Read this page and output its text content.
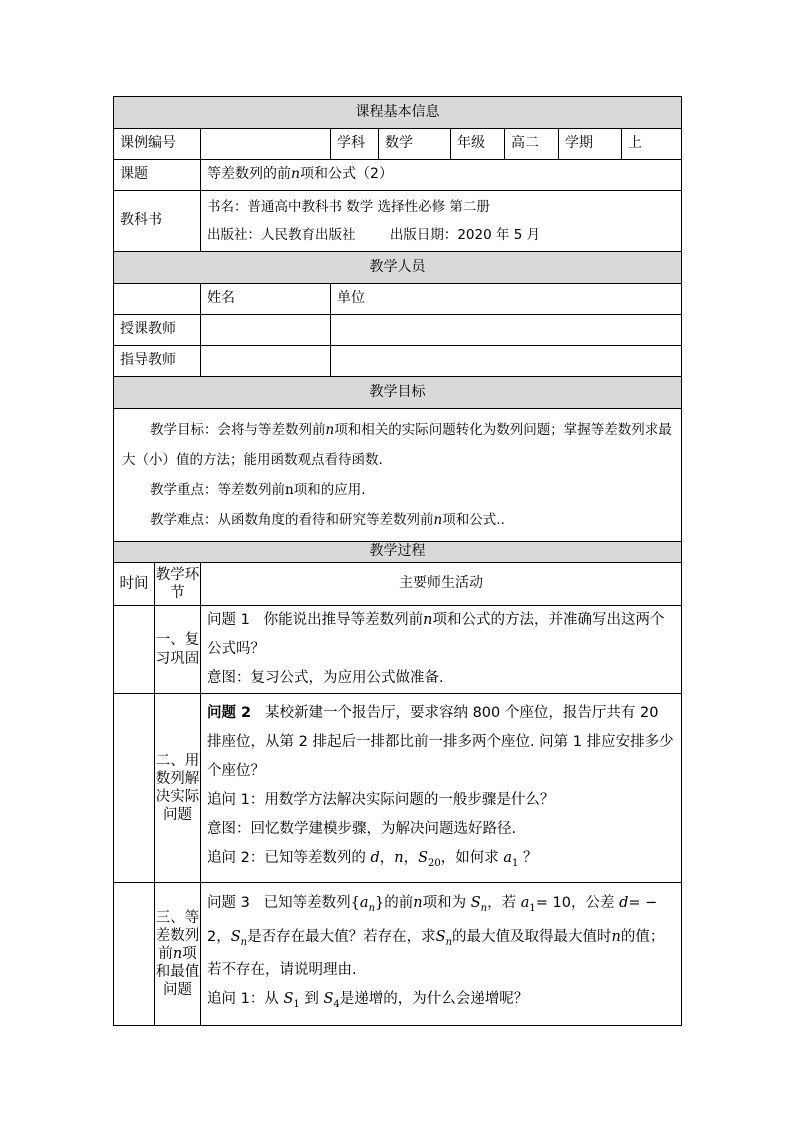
课程基本信息								
课例编号			学科	数学	年级	高二	学期	上
课题		等差数列的前n项和公式（2）						
教科书		书名：普通高中教科书 数学 选择性必修 第二册

出版社：人民教育出版社 出版日期：2020 年 5 月						

教学人员								
		姓名	单位					
授课教师								
指导教师								
教学目标								

教学目标：会将与等差数列前n项和相关的实际问题转化为数列问题；掌握等差数列求最大（小）值的方法；能用函数观点看待函数.

教学重点：等差数列前n项和的应用.

教学难点：从函数角度的看待和研究等差数列前n项和公式..								

教学过程								
时间	教学环节	主要师生活动						
	一、复习巩固	问题 1 你能说出推导等差数列前n项和公式的方法，并准确写出这两个公式吗？

意图：复习公式，为应用公式做准备.						

	二、用数列解决实际问题	问题 2 某校新建一个报告厅，要求容纳 800 个座位，报告厅共有 20 排座位，从第 2 排起后一排都比前一排多两个座位. 问第 1 排应安排多少个座位？

追问 1：用数学方法解决实际问题的一般步骤是什么？

意图：回忆数学建模步骤，为解决问题选好路径.

追问 2：已知等差数列的 d，n，$S_{20}$，如何求 $a_1$ ？						

	三、等差数列前n项和最值问题	问题 3 已知等差数列$\{a_n\}$的前n项和为 $S_n$，若 $a_1= 10$，公差 d= − 2，$S_n$是否存在最大值？若存在，求$S_n$的最大值及取得最大值时n的值；若不存在，请说明理由.

追问 1：从 $S_1$ 到 $S_4$是递增的，为什么会递增呢？						
